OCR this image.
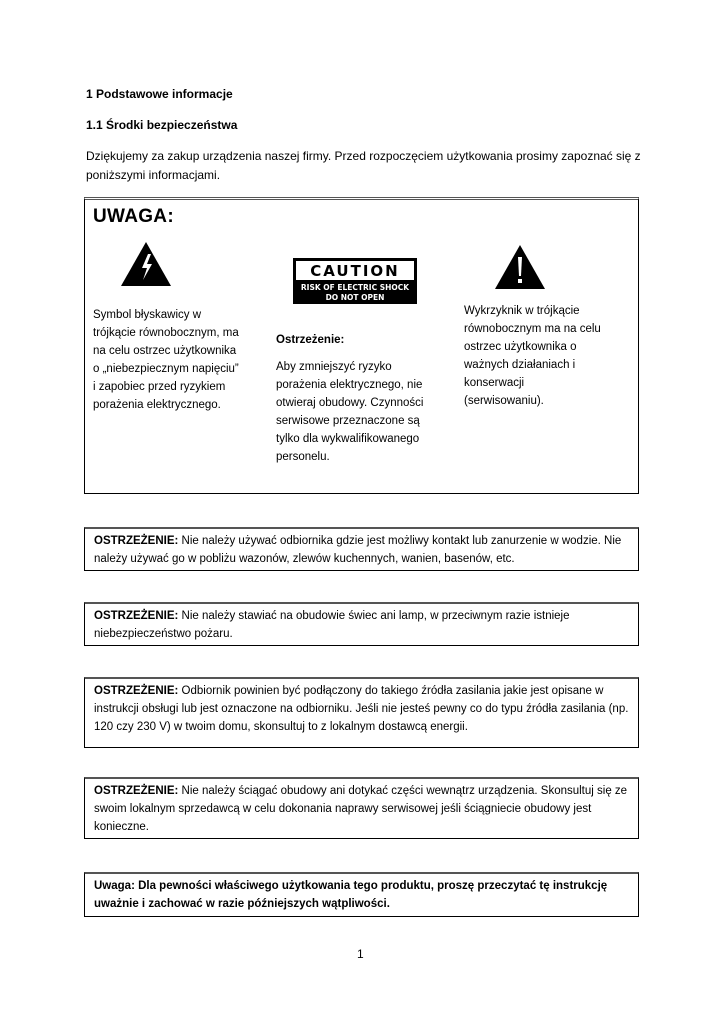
1 Podstawowe informacje
1.1 Środki bezpieczeństwa
Dziękujemy za zakup urządzenia naszej firmy. Przed rozpoczęciem użytkowania prosimy zapoznać się z poniższymi informacjami.
UWAGA:
CAUTION
RISK OF ELECTRIC SHOCK
DO NOT OPEN
Symbol błyskawicy w trójkącie równobocznym, ma na celu ostrzec użytkownika o „niebezpiecznym napięciu” i zapobiec przed ryzykiem porażenia elektrycznego.
Ostrzeżenie:
Aby zmniejszyć ryzyko porażenia elektrycznego, nie otwieraj obudowy. Czynności serwisowe przeznaczone są tylko dla wykwalifikowanego personelu.
Wykrzyknik w trójkącie równobocznym ma na celu ostrzec użytkownika o ważnych działaniach i konserwacji (serwisowaniu).
OSTRZEŻENIE: Nie należy używać odbiornika gdzie jest możliwy kontakt lub zanurzenie w wodzie. Nie należy używać go w pobliżu wazonów, zlewów kuchennych, wanien, basenów, etc.
OSTRZEŻENIE: Nie należy stawiać na obudowie świec ani lamp, w przeciwnym razie istnieje niebezpieczeństwo pożaru.
OSTRZEŻENIE: Odbiornik powinien być podłączony do takiego źródła zasilania jakie jest opisane w instrukcji obsługi lub jest oznaczone na odbiorniku. Jeśli nie jesteś pewny co do typu źródła zasilania (np. 120 czy 230 V) w twoim domu, skonsultuj to z lokalnym dostawcą energii.
OSTRZEŻENIE: Nie należy ściągać obudowy ani dotykać części wewnątrz urządzenia. Skonsultuj się ze swoim lokalnym sprzedawcą w celu dokonania naprawy serwisowej jeśli ściągniecie obudowy jest konieczne.
Uwaga: Dla pewności właściwego użytkowania tego produktu, proszę przeczytać tę instrukcję uważnie i zachować w razie późniejszych wątpliwości.
1
